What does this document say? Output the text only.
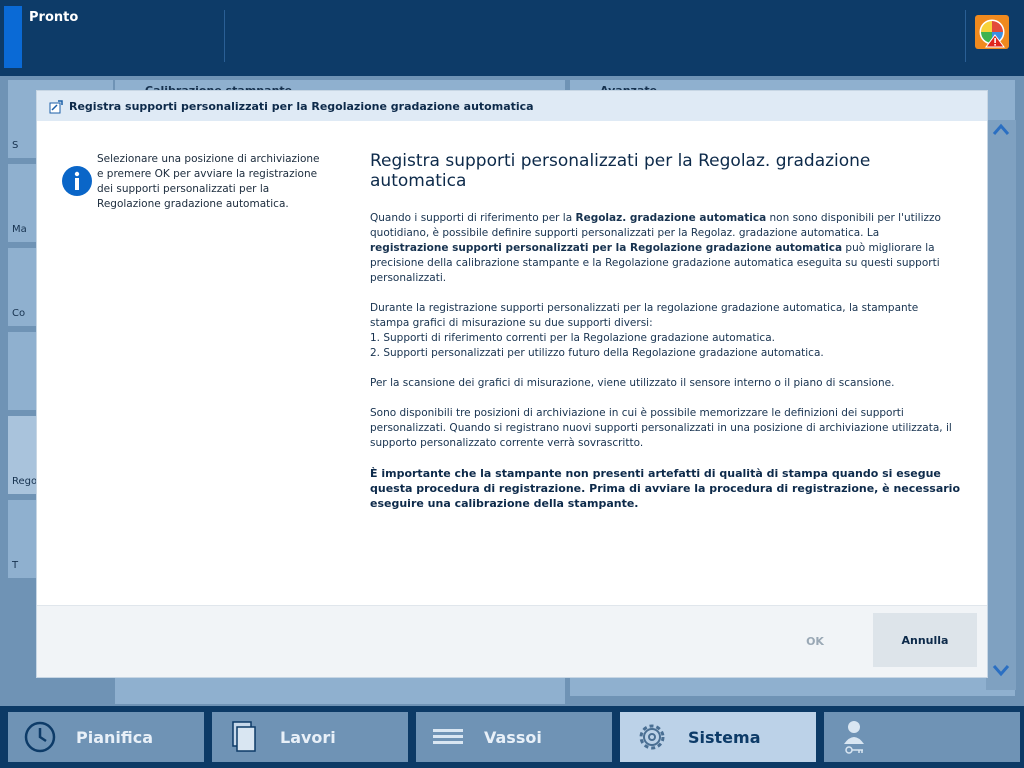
Pronto
S
Ma
Co
Rego
T
Registra supporti personalizzati per la Regolazione gradazione automatica
Selezionare una posizione di archiviazione e premere OK per avviare la registrazione dei supporti personalizzati per la Regolazione gradazione automatica.
Registra supporti personalizzati per la Regolaz. gradazione automatica

Quando i supporti di riferimento per la Regolaz. gradazione automatica non sono disponibili per l'utilizzo quotidiano, è possibile definire supporti personalizzati per la Regolaz. gradazione automatica. La registrazione supporti personalizzati per la Regolazione gradazione automatica può migliorare la precisione della calibrazione stampante e la Regolazione gradazione automatica eseguita su questi supporti personalizzati.

Durante la registrazione supporti personalizzati per la regolazione gradazione automatica, la stampante stampa grafici di misurazione su due supporti diversi:
1. Supporti di riferimento correnti per la Regolazione gradazione automatica.
2. Supporti personalizzati per utilizzo futuro della Regolazione gradazione automatica.

Per la scansione dei grafici di misurazione, viene utilizzato il sensore interno o il piano di scansione.

Sono disponibili tre posizioni di archiviazione in cui è possibile memorizzare le definizioni dei supporti personalizzati. Quando si registrano nuovi supporti personalizzati in una posizione di archiviazione utilizzata, il supporto personalizzato corrente verrà sovrascritto.

È importante che la stampante non presenti artefatti di qualità di stampa quando si esegue questa procedura di registrazione. Prima di avviare la procedura di registrazione, è necessario eseguire una calibrazione della stampante.

OK	Annulla
Pianifica	Lavori	Vassoi	Sistema
